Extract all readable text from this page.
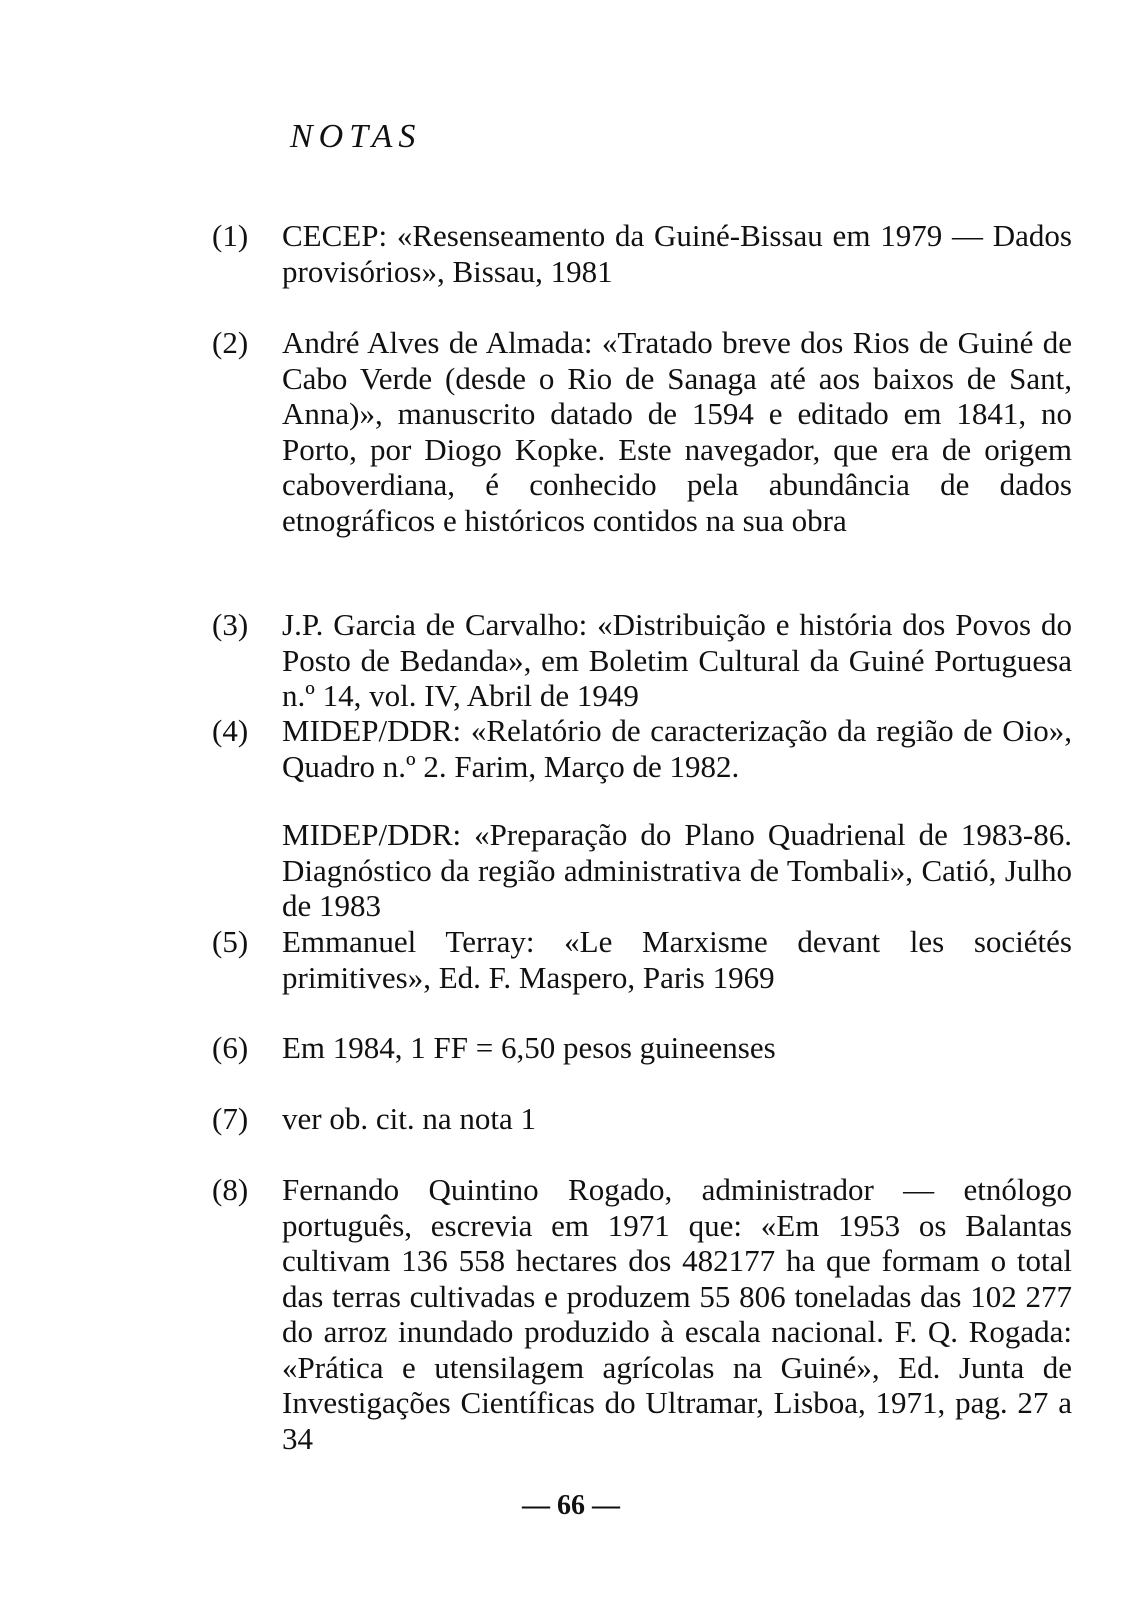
NOTAS
(1)	CECEP: «Resenseamento da Guiné-Bissau em 1979 — Dados provisórios», Bissau, 1981

(2)	André Alves de Almada: «Tratado breve dos Rios de Guiné de Cabo Verde (desde o Rio de Sanaga até aos baixos de Sant, Anna)», manuscrito datado de 1594 e editado em 1841, no Porto, por Diogo Kopke. Este navegador, que era de origem caboverdiana, é conhecido pela abundância de dados etnográficos e históricos contidos na sua obra

(3)	J.P. Garcia de Carvalho: «Distribuição e história dos Povos do Posto de Bedanda», em Boletim Cultural da Guiné Portuguesa n.º 14, vol. IV, Abril de 1949

(4)	MIDEP/DDR: «Relatório de caracterização da região de Oio», Quadro n.º 2. Farim, Março de 1982.

MIDEP/DDR: «Preparação do Plano Quadrienal de 1983-86. Diagnóstico da região administrativa de Tombali», Catió, Julho de 1983

(5)	Emmanuel Terray: «Le Marxisme devant les sociétés primitives», Ed. F. Maspero, Paris 1969

(6)	Em 1984, 1 FF = 6,50 pesos guineenses

(7)	ver ob. cit. na nota 1

(8)	Fernando Quintino Rogado, administrador — etnólogo português, escrevia em 1971 que: «Em 1953 os Balantas cultivam 136 558 hectares dos 482177 ha que formam o total das terras cultivadas e produzem 55 806 toneladas das 102 277 do arroz inundado produzido à escala nacional. F. Q. Rogada: «Prática e utensilagem agrícolas na Guiné», Ed. Junta de Investigações Científicas do Ultramar, Lisboa, 1971, pag. 27 a 34

— 66 —
